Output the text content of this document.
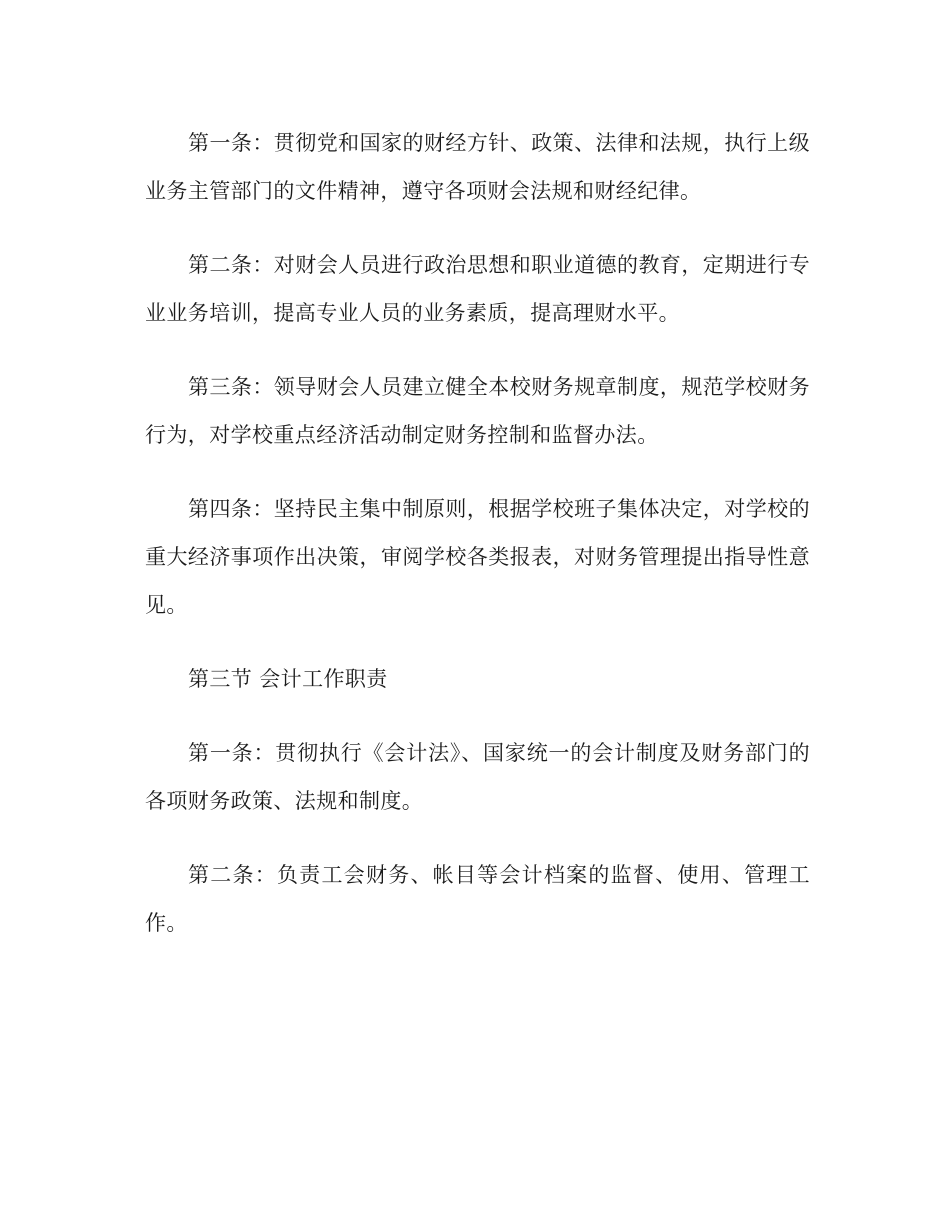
第一条：贯彻党和国家的财经方针、政策、法律和法规，执行上级业务主管部门的文件精神，遵守各项财会法规和财经纪律。

第二条：对财会人员进行政治思想和职业道德的教育，定期进行专业业务培训，提高专业人员的业务素质，提高理财水平。

第三条：领导财会人员建立健全本校财务规章制度，规范学校财务行为，对学校重点经济活动制定财务控制和监督办法。

第四条：坚持民主集中制原则，根据学校班子集体决定，对学校的重大经济事项作出决策，审阅学校各类报表，对财务管理提出指导性意见。

第三节 会计工作职责

第一条：贯彻执行《会计法》、国家统一的会计制度及财务部门的各项财务政策、法规和制度。

第二条：负责工会财务、帐目等会计档案的监督、使用、管理工作。
